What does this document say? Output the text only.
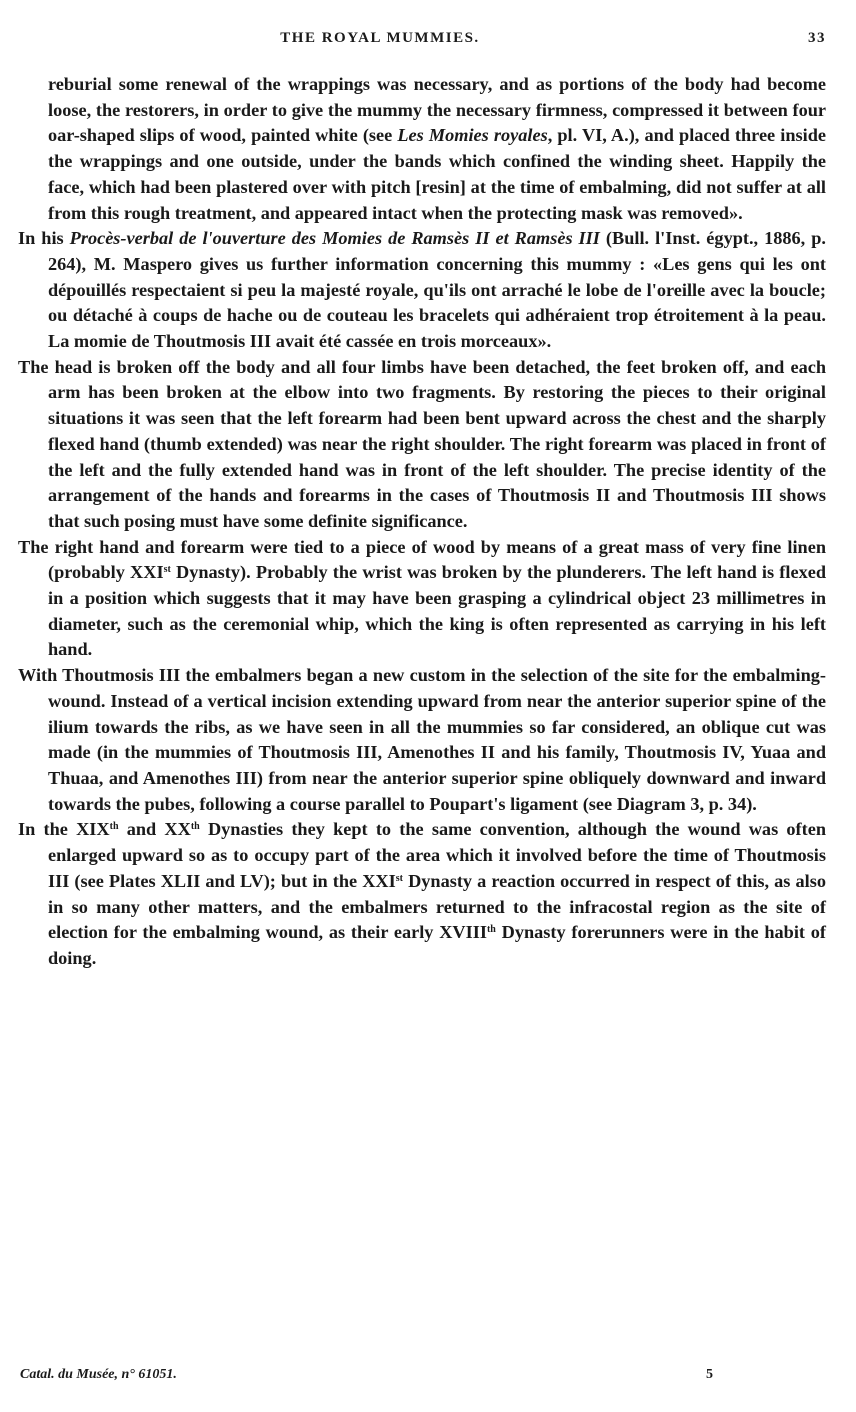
THE ROYAL MUMMIES.	33

reburial some renewal of the wrappings was necessary, and as portions of the body had become loose, the restorers, in order to give the mummy the necessary firmness, compressed it between four oar-shaped slips of wood, painted white (see Les Momies royales, pl. VI, A.), and placed three inside the wrappings and one outside, under the bands which confined the winding sheet. Happily the face, which had been plastered over with pitch [resin] at the time of embalming, did not suffer at all from this rough treatment, and appeared intact when the protecting mask was removed».

In his Procès-verbal de l'ouverture des Momies de Ramsès II et Ramsès III (Bull. l'Inst. égypt., 1886, p. 264), M. Maspero gives us further information concerning this mummy : «Les gens qui les ont dépouillés respectaient si peu la majesté royale, qu'ils ont arraché le lobe de l'oreille avec la boucle; ou détaché à coups de hache ou de couteau les bracelets qui adhéraient trop étroitement à la peau. La momie de Thoutmosis III avait été cassée en trois morceaux».

The head is broken off the body and all four limbs have been detached, the feet broken off, and each arm has been broken at the elbow into two fragments. By restoring the pieces to their original situations it was seen that the left forearm had been bent upward across the chest and the sharply flexed hand (thumb extended) was near the right shoulder. The right forearm was placed in front of the left and the fully extended hand was in front of the left shoulder. The precise identity of the arrangement of the hands and forearms in the cases of Thoutmosis II and Thoutmosis III shows that such posing must have some definite significance.

The right hand and forearm were tied to a piece of wood by means of a great mass of very fine linen (probably XXIst Dynasty). Probably the wrist was broken by the plunderers. The left hand is flexed in a position which suggests that it may have been grasping a cylindrical object 23 millimetres in diameter, such as the ceremonial whip, which the king is often represented as carrying in his left hand.

With Thoutmosis III the embalmers began a new custom in the selection of the site for the embalming-wound. Instead of a vertical incision extending upward from near the anterior superior spine of the ilium towards the ribs, as we have seen in all the mummies so far considered, an oblique cut was made (in the mummies of Thoutmosis III, Amenothes II and his family, Thoutmosis IV, Yuaa and Thuaa, and Amenothes III) from near the anterior superior spine obliquely downward and inward towards the pubes, following a course parallel to Poupart's ligament (see Diagram 3, p. 34).

In the XIXth and XXth Dynasties they kept to the same convention, although the wound was often enlarged upward so as to occupy part of the area which it involved before the time of Thoutmosis III (see Plates XLII and LV); but in the XXIst Dynasty a reaction occurred in respect of this, as also in so many other matters, and the embalmers returned to the infracostal region as the site of election for the embalming wound, as their early XVIIIth Dynasty forerunners were in the habit of doing.

Catal. du Musée, n° 61051.	5
